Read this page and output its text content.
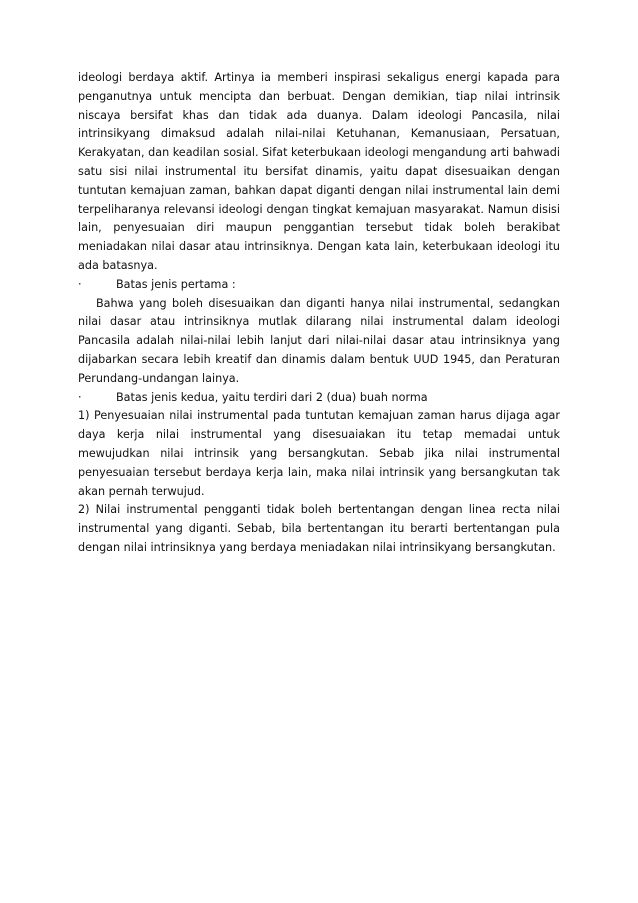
ideologi berdaya aktif. Artinya ia memberi inspirasi sekaligus energi kapada para penganutnya untuk mencipta dan berbuat. Dengan demikian, tiap nilai intrinsik niscaya bersifat khas dan tidak ada duanya. Dalam ideologi Pancasila, nilai intrinsikyang dimaksud adalah nilai-nilai Ketuhanan, Kemanusiaan, Persatuan, Kerakyatan, dan keadilan sosial. Sifat keterbukaan ideologi mengandung arti bahwadi satu sisi nilai instrumental itu bersifat dinamis, yaitu dapat disesuaikan dengan tuntutan kemajuan zaman, bahkan dapat diganti dengan nilai instrumental lain demi terpeliharanya relevansi ideologi dengan tingkat kemajuan masyarakat. Namun disisi lain, penyesuaian diri maupun penggantian tersebut tidak boleh berakibat meniadakan nilai dasar atau intrinsiknya. Dengan kata lain, keterbukaan ideologi itu ada batasnya.

·	Batas jenis pertama :

Bahwa yang boleh disesuaikan dan diganti hanya nilai instrumental, sedangkan nilai dasar atau intrinsiknya mutlak dilarang nilai instrumental dalam ideologi Pancasila adalah nilai-nilai lebih lanjut dari nilai-nilai dasar atau intrinsiknya yang dijabarkan secara lebih kreatif dan dinamis dalam bentuk UUD 1945, dan Peraturan Perundang-undangan lainya.

·	Batas jenis kedua, yaitu terdiri dari 2 (dua) buah norma

1) Penyesuaian nilai instrumental pada tuntutan kemajuan zaman harus dijaga agar daya kerja nilai instrumental yang disesuaiakan itu tetap memadai untuk mewujudkan nilai intrinsik yang bersangkutan. Sebab jika nilai instrumental penyesuaian tersebut berdaya kerja lain, maka nilai intrinsik yang bersangkutan tak akan pernah terwujud.

2) Nilai instrumental pengganti tidak boleh bertentangan dengan linea recta nilai instrumental yang diganti. Sebab, bila bertentangan itu berarti bertentangan pula dengan nilai intrinsiknya yang berdaya meniadakan nilai intrinsikyang bersangkutan.
